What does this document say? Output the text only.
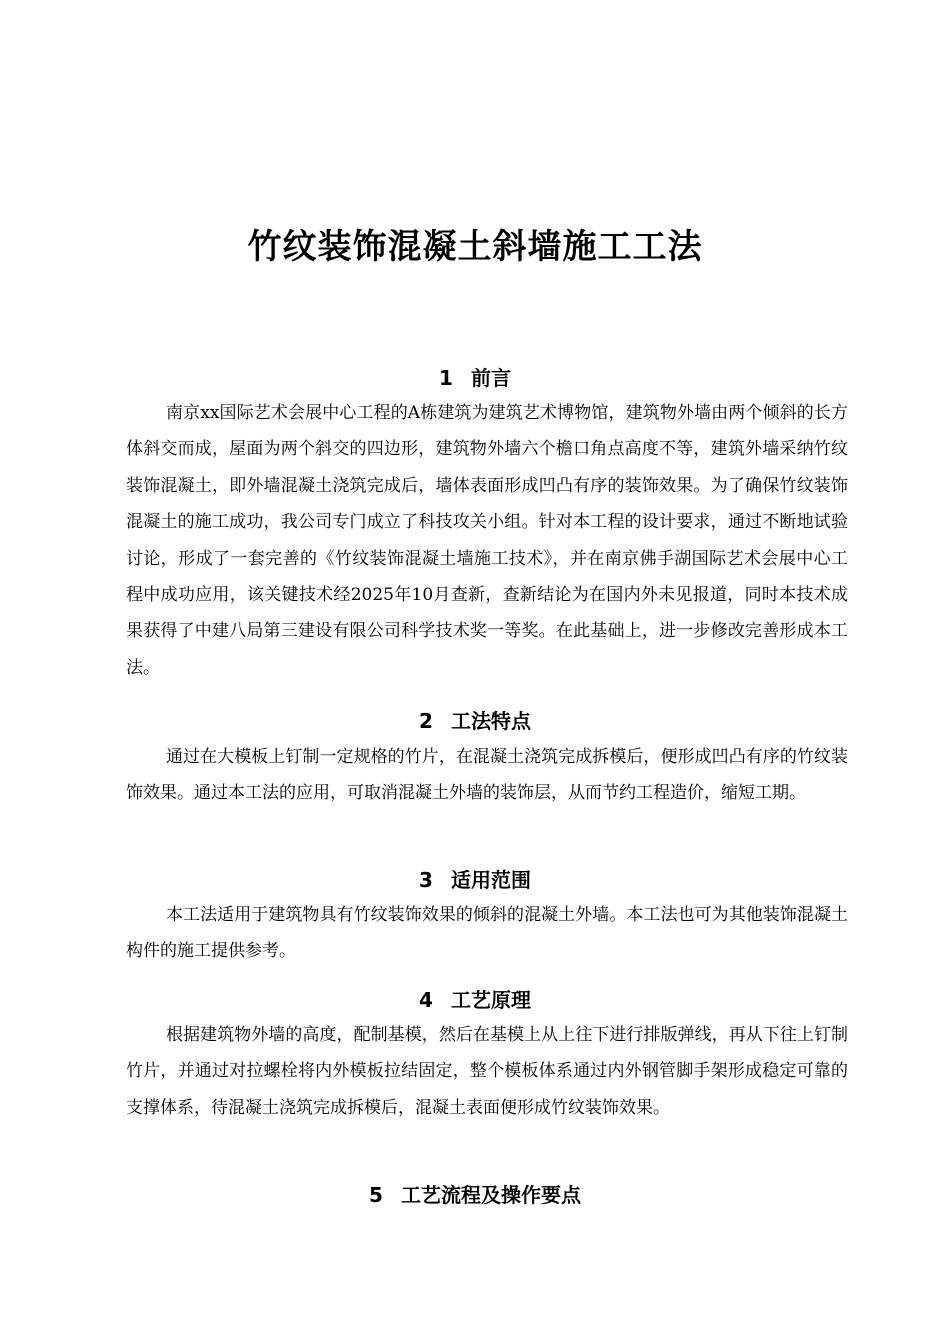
竹纹装饰混凝土斜墙施工工法
1 前言

南京xx国际艺术会展中心工程的A栋建筑为建筑艺术博物馆，建筑物外墙由两个倾斜的长方体斜交而成，屋面为两个斜交的四边形，建筑物外墙六个檐口角点高度不等，建筑外墙采纳竹纹装饰混凝土，即外墙混凝土浇筑完成后，墙体表面形成凹凸有序的装饰效果。为了确保竹纹装饰混凝土的施工成功，我公司专门成立了科技攻关小组。针对本工程的设计要求，通过不断地试验讨论，形成了一套完善的《竹纹装饰混凝土墙施工技术》，并在南京佛手湖国际艺术会展中心工程中成功应用，该关键技术经2025年10月查新，查新结论为在国内外未见报道，同时本技术成果获得了中建八局第三建设有限公司科学技术奖一等奖。在此基础上，进一步修改完善形成本工法。

2 工法特点

通过在大模板上钉制一定规格的竹片，在混凝土浇筑完成拆模后，便形成凹凸有序的竹纹装饰效果。通过本工法的应用，可取消混凝土外墙的装饰层，从而节约工程造价，缩短工期。

3 适用范围

本工法适用于建筑物具有竹纹装饰效果的倾斜的混凝土外墙。本工法也可为其他装饰混凝土构件的施工提供参考。

4 工艺原理

根据建筑物外墙的高度，配制基模，然后在基模上从上往下进行排版弹线，再从下往上钉制竹片，并通过对拉螺栓将内外模板拉结固定，整个模板体系通过内外钢管脚手架形成稳定可靠的支撑体系，待混凝土浇筑完成拆模后，混凝土表面便形成竹纹装饰效果。

5 工艺流程及操作要点
